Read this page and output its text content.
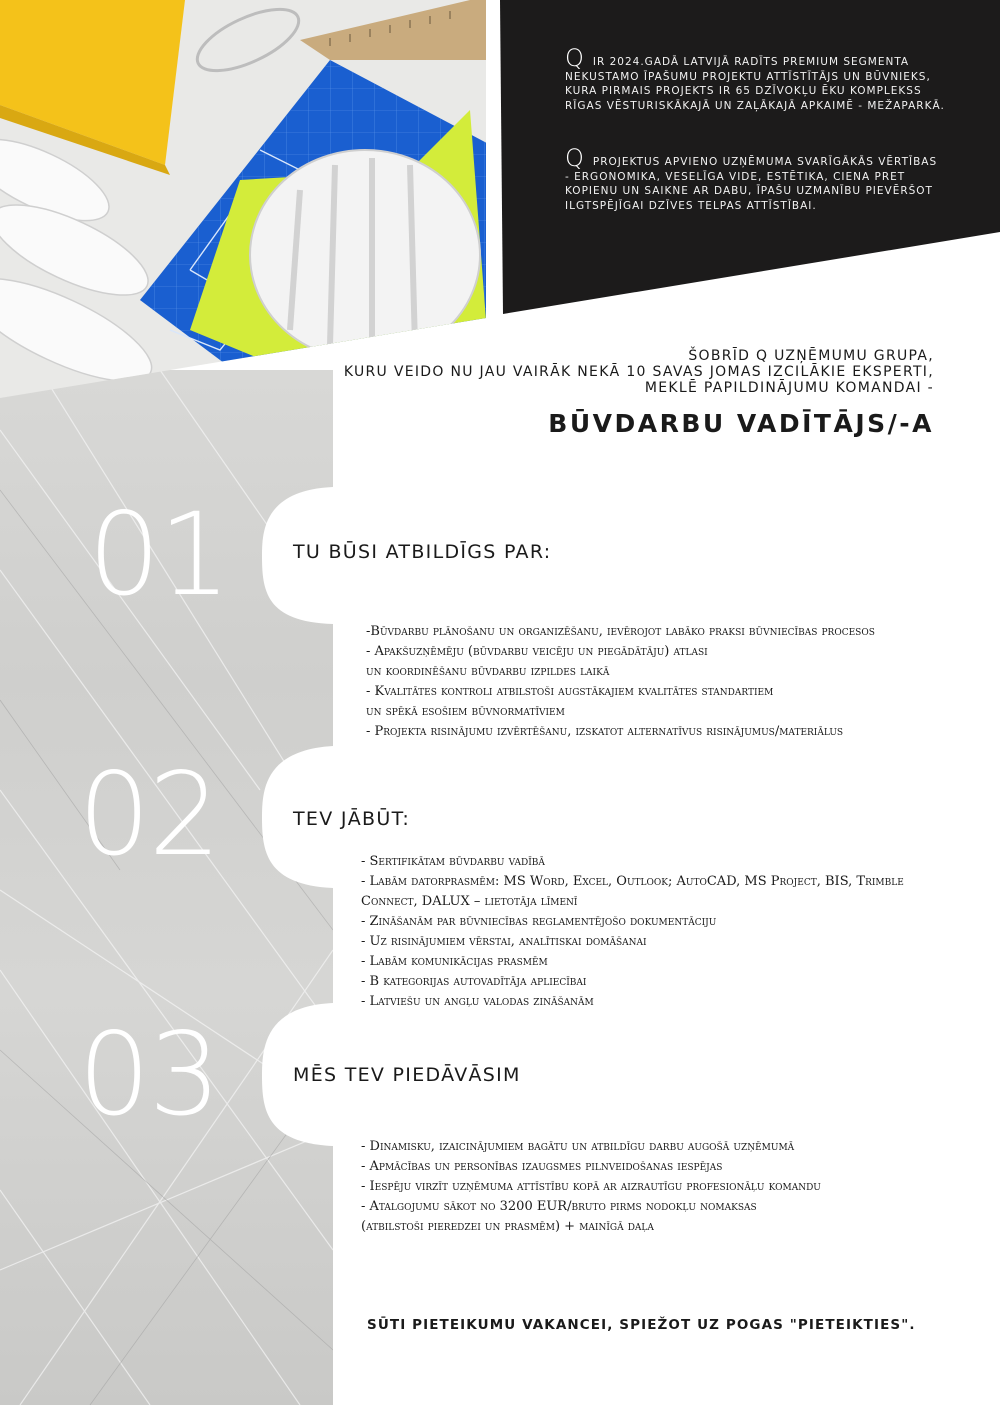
QIR 2024.GADĀ LATVIJĀ RADĪTS PREMIUM SEGMENTA NEKUSTAMO ĪPAŠUMU PROJEKTU ATTĪSTĪTĀJS UN BŪVNIEKS, KURA PIRMAIS PROJEKTS IR 65 DZĪVOKĻU ĒKU KOMPLEKSS RĪGAS VĒSTURISKĀKAJĀ UN ZAĻĀKAJĀ APKAIMĒ - MEŽAPARKĀ.
QPROJEKTUS APVIENO UZŅĒMUMA SVARĪGĀKĀS VĒRTĪBAS - ERGONOMIKA, VESELĪGA VIDE, ESTĒTIKA, CIENA PRET KOPIENU UN SAIKNE AR DABU, ĪPAŠU UZMANĪBU PIEVĒRŠOT ILGTSPĒJĪGAI DZĪVES TELPAS ATTĪSTĪBAI.
ŠOBRĪD Q UZŅĒMUMU GRUPA,
KURU VEIDO NU JAU VAIRĀK NEKĀ 10 SAVAS JOMAS IZCILĀKIE EKSPERTI,
MEKLĒ PAPILDINĀJUMU KOMANDAI -
BŪVDARBU VADĪTĀJS/-A
01
02
03
TU BŪSI ATBILDĪGS PAR:
TEV JĀBŪT:
MĒS TEV PIEDĀVĀSIM
-Būvdarbu plānošanu un organizēšanu, ievērojot labāko praksi būvniecības procesos
- Apakšuzņēmēju (būvdarbu veicēju un piegādātāju) atlasi
un koordinēšanu būvdarbu izpildes laikā
- Kvalitātes kontroli atbilstoši augstākajiem kvalitātes standartiem
un spēkā esošiem būvnormatīviem
- Projekta risinājumu izvērtēšanu, izskatot alternatīvus risinājumus/materiālus
- Sertifikātam būvdarbu vadībā
- Labām datorprasmēm: MS Word, Excel, Outlook; AutoCAD, MS Project, BIS, Trimble
Connect, DALUX – lietotāja līmenī
- Zināšanām par būvniecības reglamentējošo dokumentāciju
- Uz risinājumiem vērstai, analītiskai domāšanai
- Labām komunikācijas prasmēm
- B kategorijas autovadītāja apliecībai
- Latviešu un angļu valodas zināšanām
- Dinamisku, izaicinājumiem bagātu un atbildīgu darbu augošā uzņēmumā
- Apmācības un personības izaugsmes pilnveidošanas iespējas
- Iespēju virzīt uzņēmuma attīstību kopā ar aizrautīgu profesionāļu komandu
- Atalgojumu sākot no 3200 EUR/bruto pirms nodokļu nomaksas
(atbilstoši pieredzei un prasmēm) + mainīgā daļa
SŪTI PIETEIKUMU VAKANCEI, SPIEŽOT UZ POGAS "PIETEIKTIES".
